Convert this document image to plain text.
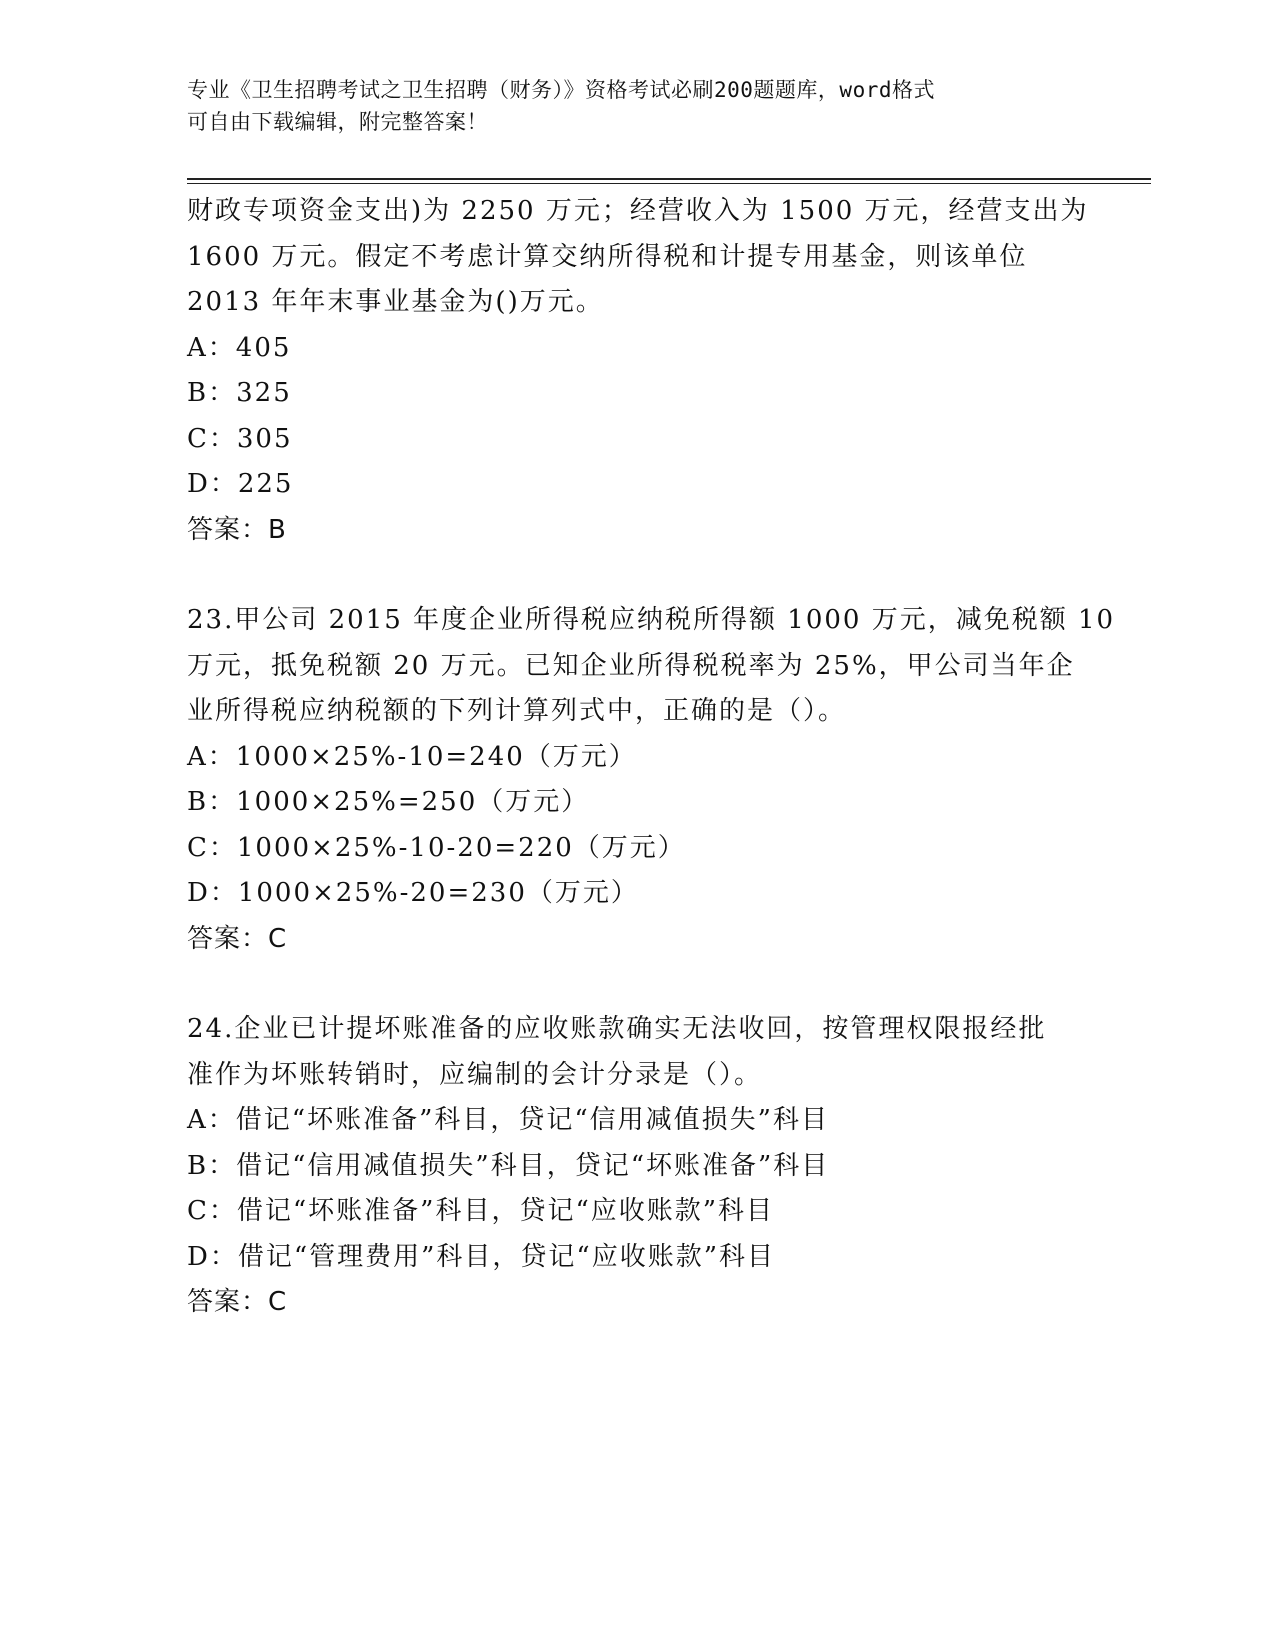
专业《卫生招聘考试之卫生招聘（财务）》资格考试必刷200题题库，word格式
可自由下载编辑，附完整答案！
财政专项资金支出)为 2250 万元；经营收入为 1500 万元，经营支出为
1600 万元。假定不考虑计算交纳所得税和计提专用基金，则该单位
2013 年年末事业基金为()万元。
A：405
B：325
C：305
D：225
答案：B
23.甲公司 2015 年度企业所得税应纳税所得额 1000 万元，减免税额 10
万元，抵免税额 20 万元。已知企业所得税税率为 25%，甲公司当年企
业所得税应纳税额的下列计算列式中，正确的是（）。
A：1000×25%-10=240（万元）
B：1000×25%=250（万元）
C：1000×25%-10-20=220（万元）
D：1000×25%-20=230（万元）
答案：C
24.企业已计提坏账准备的应收账款确实无法收回，按管理权限报经批
准作为坏账转销时，应编制的会计分录是（）。
A：借记“坏账准备”科目，贷记“信用减值损失”科目
B：借记“信用减值损失”科目，贷记“坏账准备”科目
C：借记“坏账准备”科目，贷记“应收账款”科目
D：借记“管理费用”科目，贷记“应收账款”科目
答案：C
